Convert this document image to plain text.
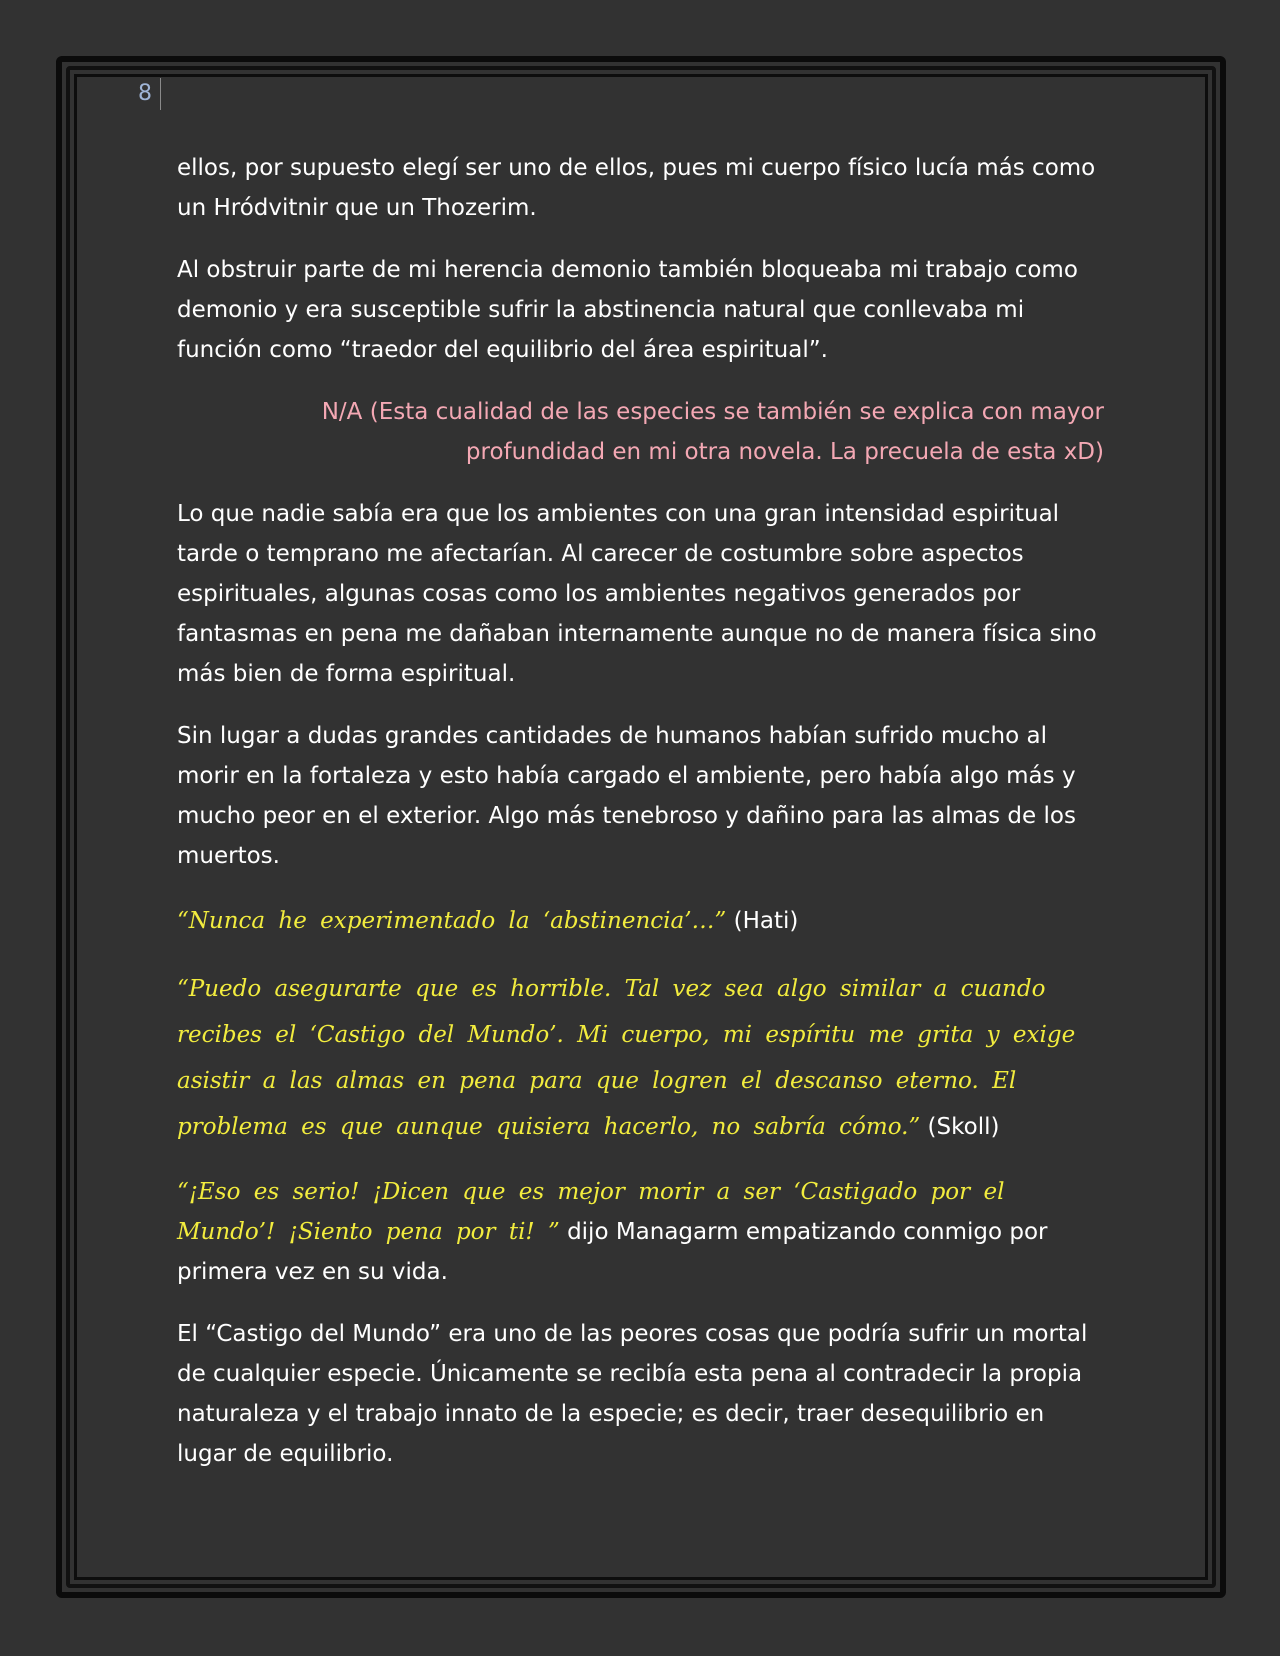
8

ellos, por supuesto elegí ser uno de ellos, pues mi cuerpo físico lucía más como un Hródvitnir que un Thozerim.

Al obstruir parte de mi herencia demonio también bloqueaba mi trabajo como demonio y era susceptible sufrir la abstinencia natural que conllevaba mi función como “traedor del equilibrio del área espiritual”.

N/A (Esta cualidad de las especies se también se explica con mayor profundidad en mi otra novela. La precuela de esta xD)

Lo que nadie sabía era que los ambientes con una gran intensidad espiritual tarde o temprano me afectarían. Al carecer de costumbre sobre aspectos espirituales, algunas cosas como los ambientes negativos generados por fantasmas en pena me dañaban internamente aunque no de manera física sino más bien de forma espiritual.

Sin lugar a dudas grandes cantidades de humanos habían sufrido mucho al morir en la fortaleza y esto había cargado el ambiente, pero había algo más y mucho peor en el exterior. Algo más tenebroso y dañino para las almas de los muertos.

“Nunca he experimentado la ‘abstinencia’…” (Hati)

“Puedo asegurarte que es horrible. Tal vez sea algo similar a cuando recibes el ‘Castigo del Mundo’. Mi cuerpo, mi espíritu me grita y exige asistir a las almas en pena para que logren el descanso eterno. El problema es que aunque quisiera hacerlo, no sabría cómo.” (Skoll)

“¡Eso es serio! ¡Dicen que es mejor morir a ser ‘Castigado por el Mundo’! ¡Siento pena por ti! ” dijo Managarm empatizando conmigo por primera vez en su vida.

El “Castigo del Mundo” era uno de las peores cosas que podría sufrir un mortal de cualquier especie. Únicamente se recibía esta pena al contradecir la propia naturaleza y el trabajo innato de la especie; es decir, traer desequilibrio en lugar de equilibrio.
